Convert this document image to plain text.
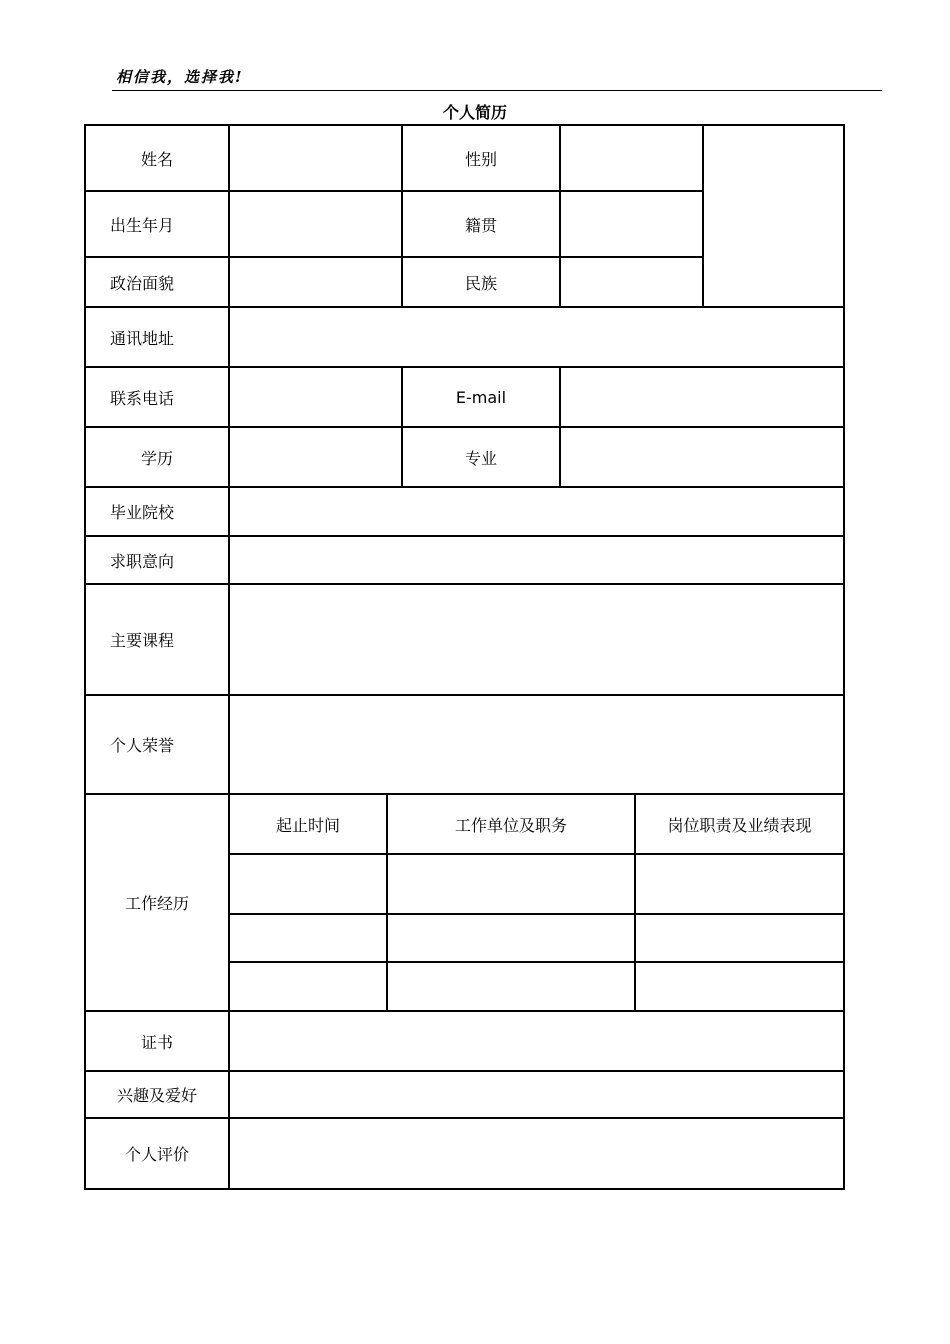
相信我，选择我!
个人简历
姓名	性别
出生年月	籍贯
政治面貌	民族
通讯地址
联系电话	E-mail
学历	专业
毕业院校
求职意向
主要课程
个人荣誉
工作经历
起止时间	工作单位及职务	岗位职责及业绩表现
证书
兴趣及爱好
个人评价
